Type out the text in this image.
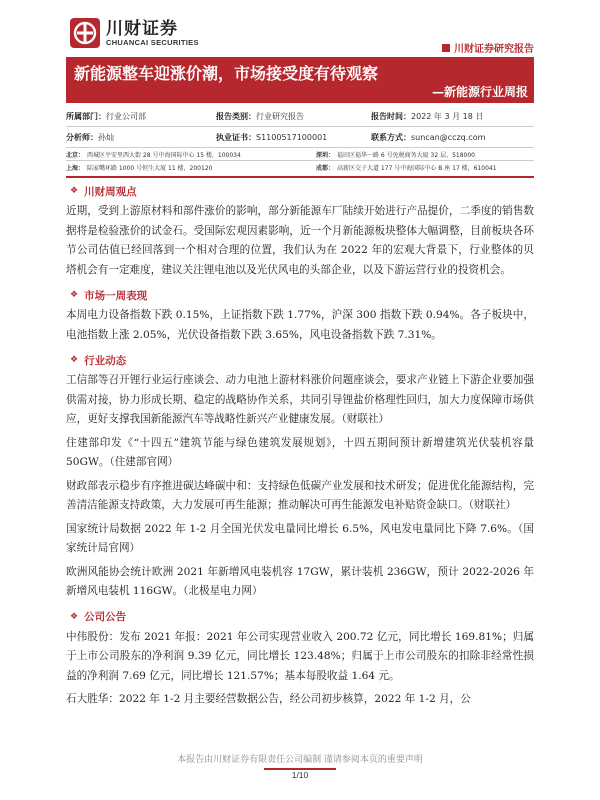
川财证券
CHUANCAI SECURITIES
川财证券研究报告
新能源整车迎涨价潮，市场接受度有待观察
—新能源行业周报
所属部门：行业公司部	报告类别：行业研究报告	报告时间：2022 年 3 月 18 日
分析师：孙灿	执业证书：S1100517100001	联系方式：suncan@cczq.com
北京： 西城区平安里西大街 28 号中海国际中心 15 楼，100034	深圳： 福田区福华一路 6 号免税商务大厦 32 层，518000
上海： 陆家嘴环路 1000 号恒生大厦 11 楼，200120	成都： 高新区交子大道 177 号中海国际中心 B 座 17 楼，610041
❖ 川财周观点

近期，受到上游原材料和部件涨价的影响，部分新能源车厂陆续开始进行产品提价，二季度的销售数据将是检验涨价的试金石。受国际宏观因素影响，近一个月新能源板块整体大幅调整，目前板块各环节公司估值已经回落到一个相对合理的位置，我们认为在 2022 年的宏观大背景下，行业整体的贝塔机会有一定难度，建议关注锂电池以及光伏风电的头部企业，以及下游运营行业的投资机会。

❖ 市场一周表现

本周电力设备指数下跌 0.15%，上证指数下跌 1.77%，沪深 300 指数下跌 0.94%。各子板块中，电池指数上涨 2.05%，光伏设备指数下跌 3.65%，风电设备指数下跌 7.31%。

❖ 行业动态

工信部等召开锂行业运行座谈会、动力电池上游材料涨价问题座谈会，要求产业链上下游企业要加强供需对接，协力形成长期、稳定的战略协作关系，共同引导锂盐价格理性回归，加大力度保障市场供应，更好支撑我国新能源汽车等战略性新兴产业健康发展。（财联社）

住建部印发《“十四五”建筑节能与绿色建筑发展规划》，十四五期间预计新增建筑光伏装机容量 50GW。（住建部官网）

财政部表示稳步有序推进碳达峰碳中和：支持绿色低碳产业发展和技术研发；促进优化能源结构，完善清洁能源支持政策，大力发展可再生能源；推动解决可再生能源发电补贴资金缺口。（财联社）

国家统计局数据 2022 年 1-2 月全国光伏发电量同比增长 6.5%，风电发电量同比下降 7.6%。（国家统计局官网）

欧洲风能协会统计欧洲 2021 年新增风电装机容 17GW，累计装机 236GW，预计 2022-2026 年新增风电装机 116GW。（北极星电力网）

❖ 公司公告

中伟股份：发布 2021 年报：2021 年公司实现营业收入 200.72 亿元，同比增长 169.81%；归属于上市公司股东的净利润 9.39 亿元，同比增长 123.48%；归属于上市公司股东的扣除非经常性损益的净利润 7.69 亿元，同比增长 121.57%；基本每股收益 1.64 元。

石大胜华：2022 年 1-2 月主要经营数据公告，经公司初步核算，2022 年 1-2 月，公

本报告由川财证券有限责任公司编制 谨请参阅本页的重要声明
1/10
